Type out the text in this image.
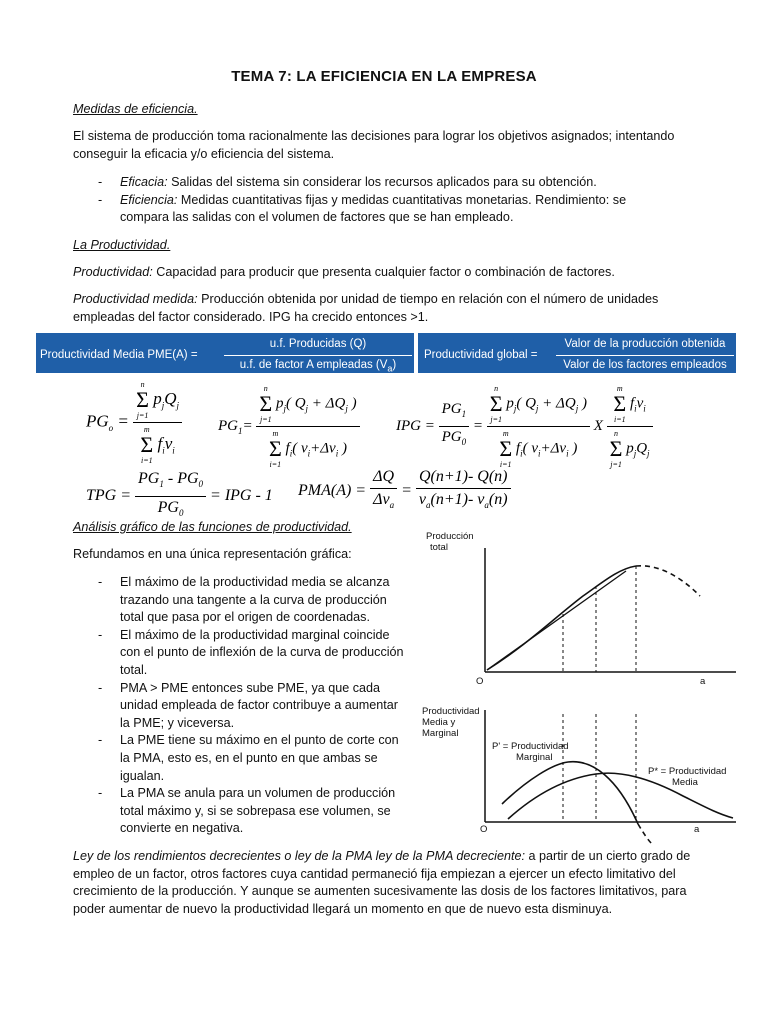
TEMA 7: LA EFICIENCIA EN LA EMPRESA
Medidas de eficiencia.

El sistema de producción toma racionalmente las decisiones para lograr los objetivos asignados; intentando conseguir la eficacia y/o eficiencia del sistema.

- Eficacia: Salidas del sistema sin considerar los recursos aplicados para su obtención.
- Eficiencia: Medidas cuantitativas fijas y medidas cuantitativas monetarias. Rendimiento: se compara las salidas con el volumen de factores que se han empleado.
La Productividad.

Productividad: Capacidad para producir que presenta cualquier factor o combinación de factores.

Productividad medida: Producción obtenida por unidad de tiempo en relación con el número de unidades empleadas del factor considerado. IPG ha crecido entonces >1.

Productividad Media PME(A) =
u.f. Producidas (Q)
u.f. de factor A empleadas $(V_a)$
Productividad global =
Valor de la producción obtenida
Valor de los factores empleados
$PG_o$ =
n
Σ
j=1
$p_jQ_j$
m
Σ
i=1
$f_iv_i$
$PG_1=$
n
Σ
j=1
$p_j$( $Q_j + \Delta Q_j$ )
m
Σ
i=1
$f_i$( $v_i+\Delta v_i$ )
IPG = $\frac{PG_1}{PG_0}$ =
n
Σ
j=1
$p_j$( $Q_j + \Delta Q_j$ )
m
Σ
i=1
$f_i$( $v_i+\Delta v_i$ )
X
m
Σ
i=1
$f_iv_i$
n
Σ
j=1
$p_jQ_j$
TPG = $\frac{PG_1 - PG_0}{PG_0}$ = IPG - 1 PMA(A) =
ΔQ
$\Delta v_a$
= $\frac{Q(n+1)- Q(n)}{v_a(n+1)- v_a(n)}$
Análisis gráfico de las funciones de productividad.

Refundamos en una única representación gráfica:

- El máximo de la productividad media se alcanza trazando una tangente a la curva de producción total que pasa por el origen de coordenadas.
- El máximo de la productividad marginal coincide con el punto de inflexión de la curva de producción total.
- PMA > PME entonces sube PME, ya que cada unidad empleada de factor contribuye a aumentar la PME; y viceversa.
- La PME tiene su máximo en el punto de corte con la PMA, esto es, en el punto en que ambas se igualan.
- La PMA se anula para un volumen de producción total máximo y, si se sobrepasa ese volumen, se convierte en negativa.
Producción
total
O	a
Productividad
Media y
Marginal
O	a
P' = Productividad
Marginal
P* = Productividad
Media

Ley de los rendimientos decrecientes o ley de la PMA ley de la PMA decreciente: a partir de un cierto grado de empleo de un factor, otros factores cuya cantidad permaneció fija empiezan a ejercer un efecto limitativo del crecimiento de la producción. Y aunque se aumenten sucesivamente las dosis de los factores limitativos, para poder aumentar de nuevo la productividad llegará un momento en que de nuevo esta disminuya.
